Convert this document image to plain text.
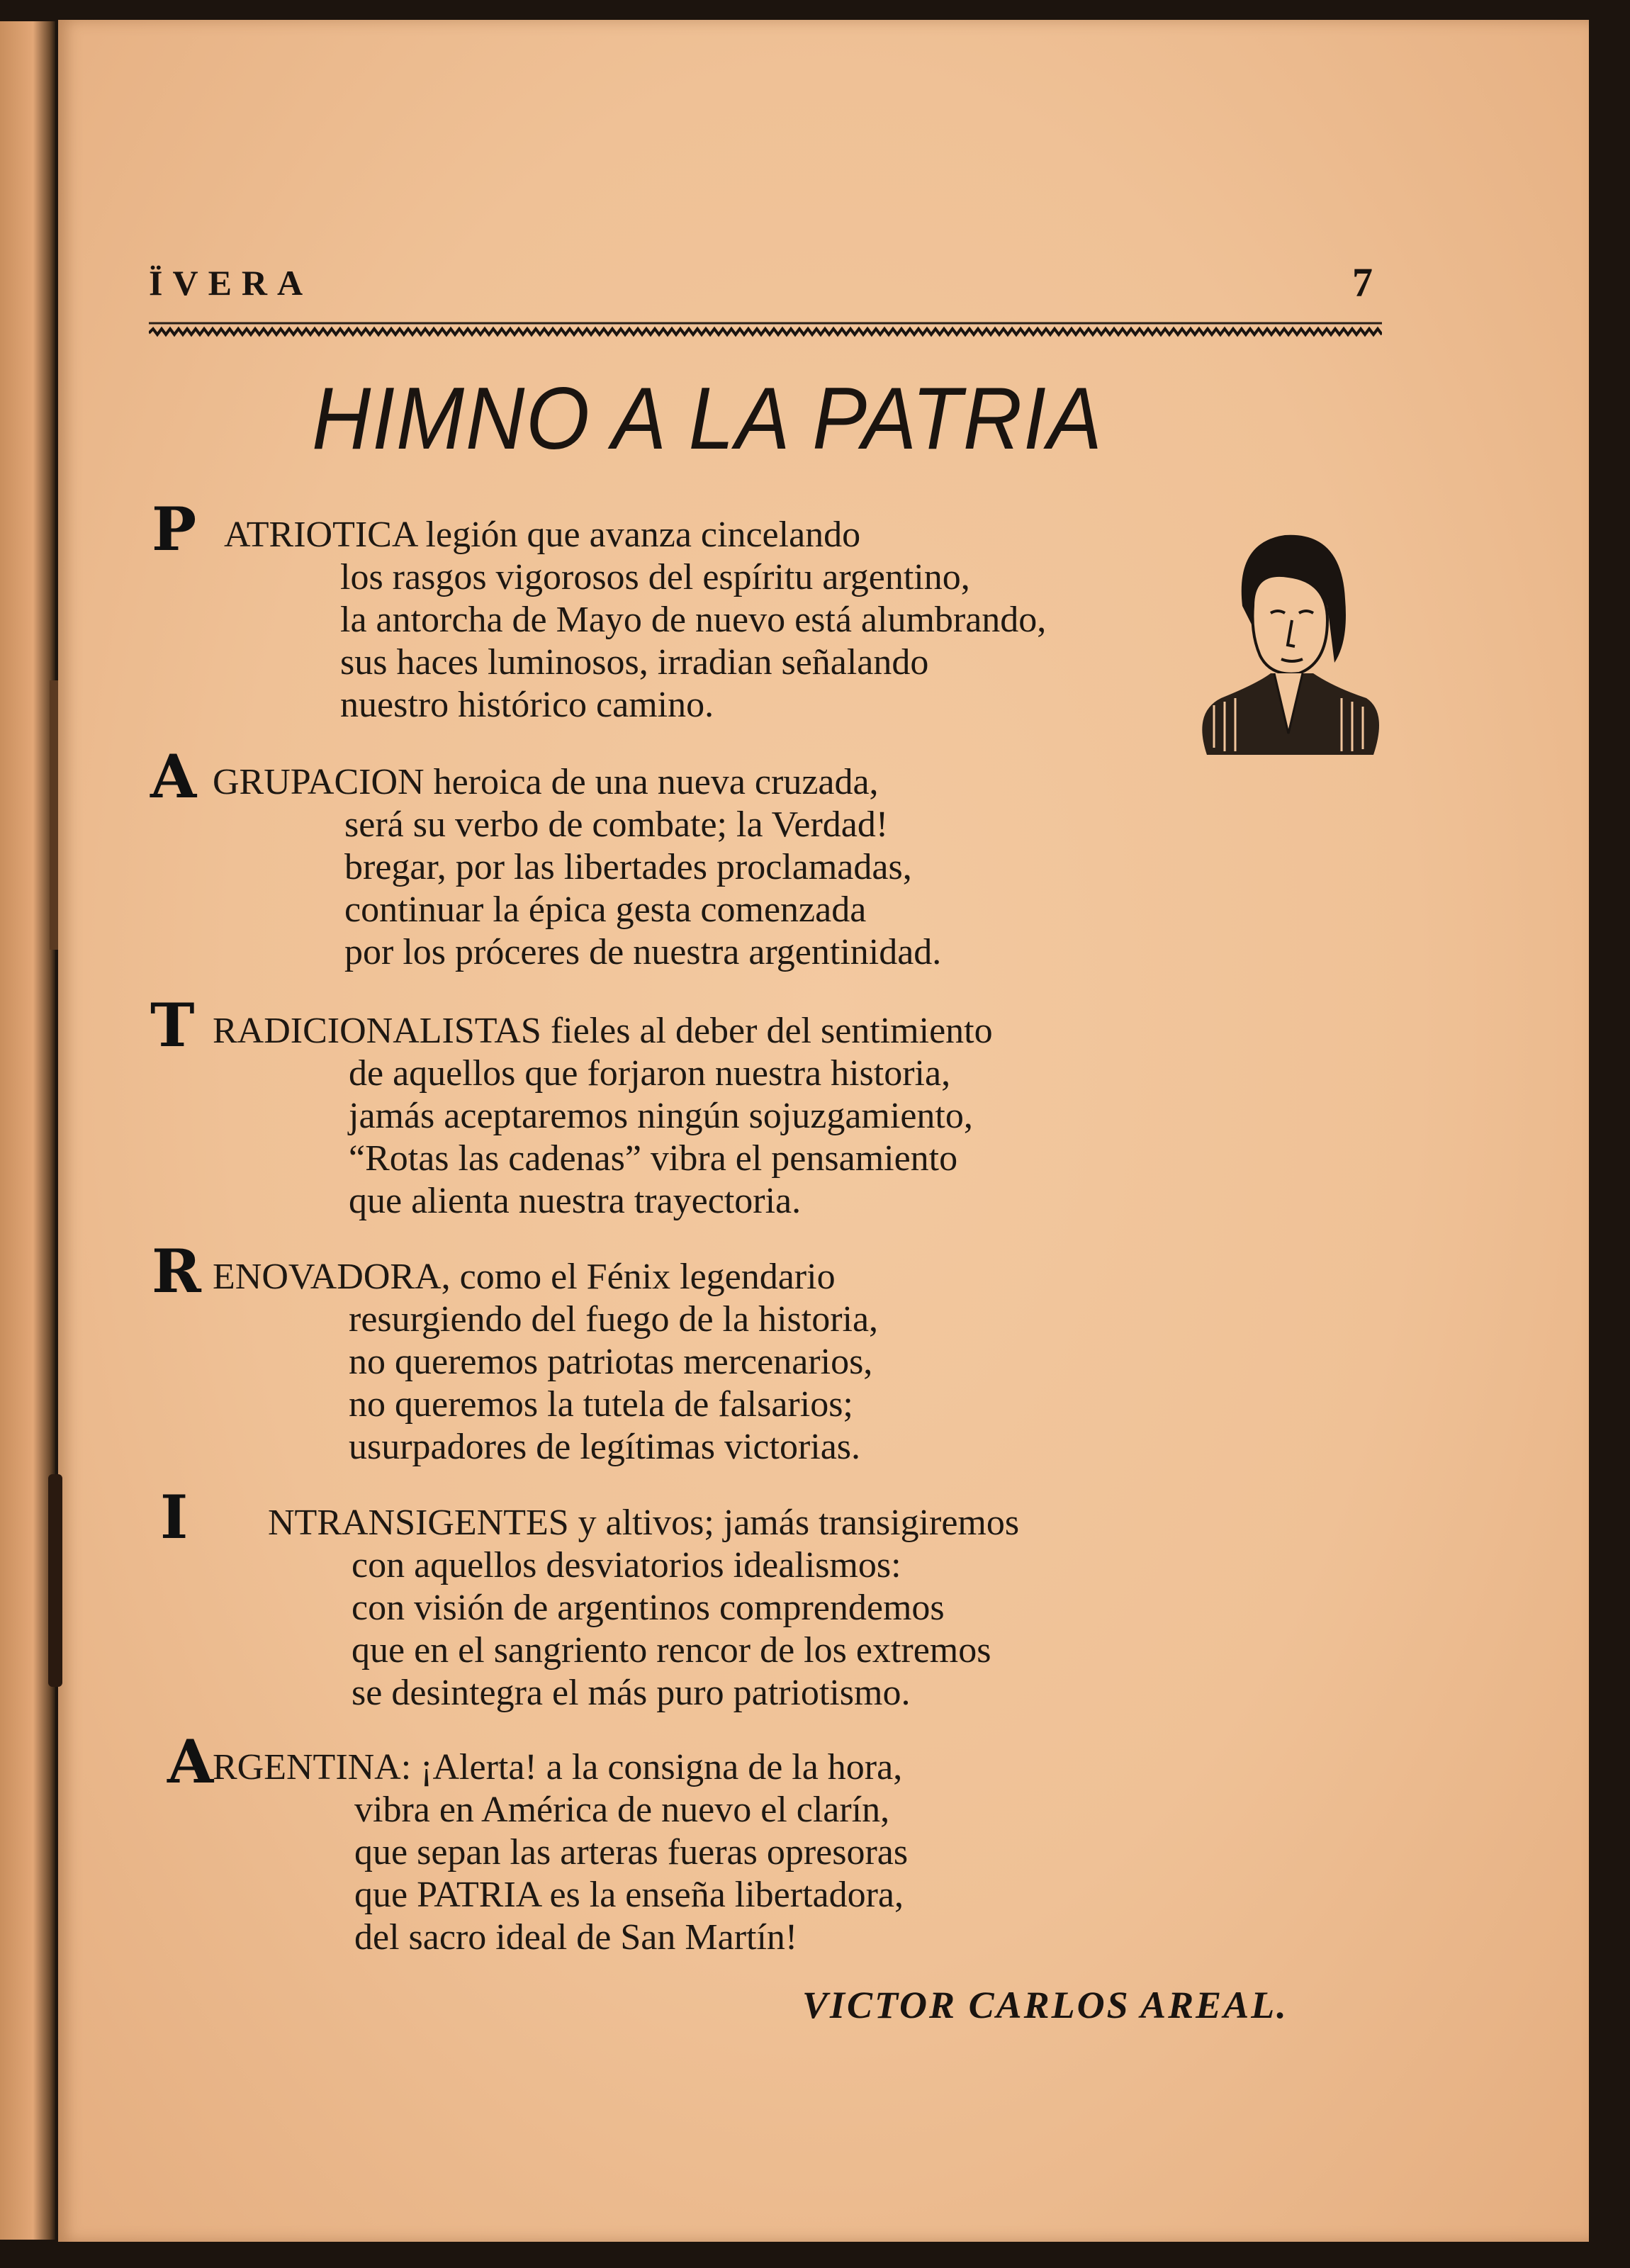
ÏVERA	7
HIMNO A LA PATRIA
P ATRIOTICA legión que avanza cincelando
los rasgos vigorosos del espíritu argentino,
la antorcha de Mayo de nuevo está alumbrando,
sus haces luminosos, irradian señalando
nuestro histórico camino.
A GRUPACION heroica de una nueva cruzada,
será su verbo de combate; la Verdad!
bregar, por las libertades proclamadas,
continuar la épica gesta comenzada
por los próceres de nuestra argentinidad.
T RADICIONALISTAS fieles al deber del sentimiento
de aquellos que forjaron nuestra historia,
jamás aceptaremos ningún sojuzgamiento,
“Rotas las cadenas” vibra el pensamiento
que alienta nuestra trayectoria.
R ENOVADORA, como el Fénix legendario
resurgiendo del fuego de la historia,
no queremos patriotas mercenarios,
no queremos la tutela de falsarios;
usurpadores de legítimas victorias.
I NTRANSIGENTES y altivos; jamás transigiremos
con aquellos desviatorios idealismos:
con visión de argentinos comprendemos
que en el sangriento rencor de los extremos
se desintegra el más puro patriotismo.
A
RGENTINA: ¡Alerta! a la consigna de la hora,
vibra en América de nuevo el clarín,
que sepan las arteras fueras opresoras
que PATRIA es la enseña libertadora,
del sacro ideal de San Martín!
VICTOR CARLOS AREAL.
